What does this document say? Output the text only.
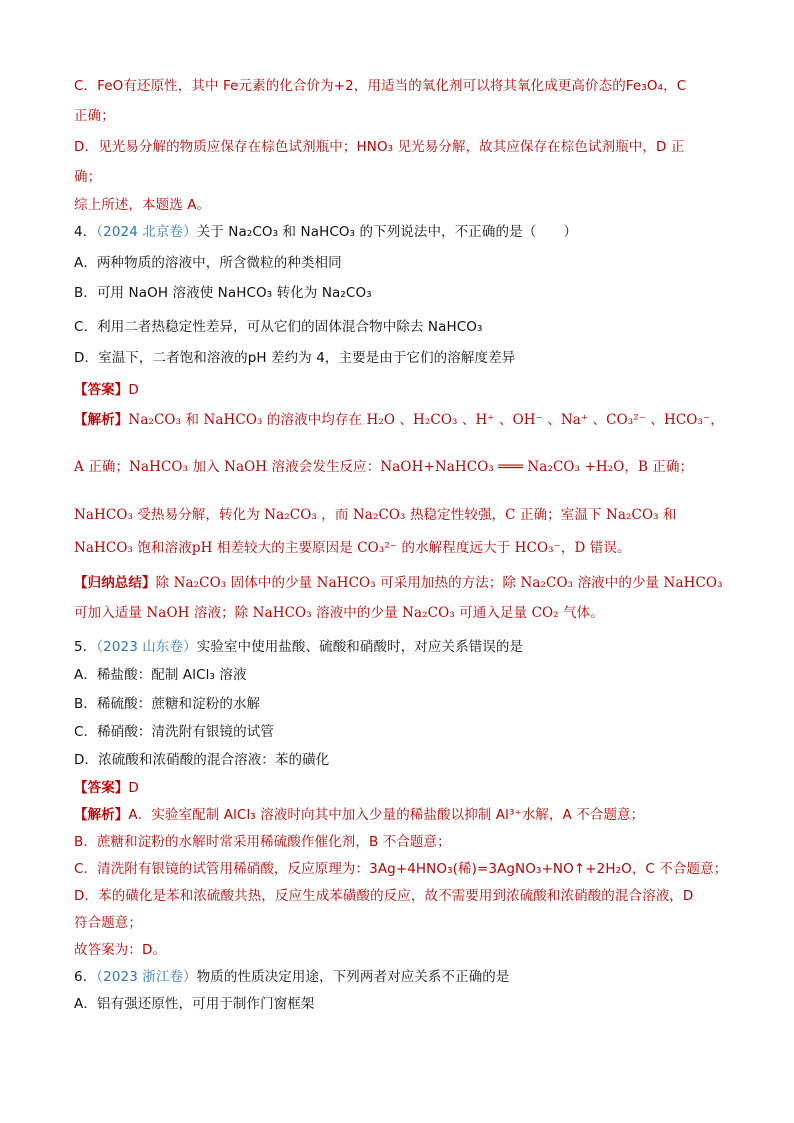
C．FeO有还原性，其中 Fe元素的化合价为+2，用适当的氧化剂可以将其氧化成更高价态的Fe₃O₄，C
正确；
D．见光易分解的物质应保存在棕色试剂瓶中；HNO₃ 见光易分解，故其应保存在棕色试剂瓶中，D 正
确；
综上所述，本题选 A。
4．（2024 北京卷）关于 Na₂CO₃ 和 NaHCO₃ 的下列说法中，不正确的是（　　）
A．两种物质的溶液中，所含微粒的种类相同
B．可用 NaOH 溶液使 NaHCO₃ 转化为 Na₂CO₃
C．利用二者热稳定性差异，可从它们的固体混合物中除去 NaHCO₃
D．室温下，二者饱和溶液的pH 差约为 4，主要是由于它们的溶解度差异
【答案】D
【解析】Na₂CO₃ 和 NaHCO₃ 的溶液中均存在 H₂O 、H₂CO₃ 、H⁺ 、OH⁻ 、Na⁺ 、CO₃²⁻ 、HCO₃⁻，
A 正确；NaHCO₃ 加入 NaOH 溶液会发生反应：NaOH+NaHCO₃ ═══ Na₂CO₃ +H₂O，B 正确；
NaHCO₃ 受热易分解，转化为 Na₂CO₃ ，而 Na₂CO₃ 热稳定性较强，C 正确；室温下 Na₂CO₃ 和
NaHCO₃ 饱和溶液pH 相差较大的主要原因是 CO₃²⁻ 的水解程度远大于 HCO₃⁻，D 错误。
【归纳总结】除 Na₂CO₃ 固体中的少量 NaHCO₃ 可采用加热的方法；除 Na₂CO₃ 溶液中的少量 NaHCO₃
可加入适量 NaOH 溶液；除 NaHCO₃ 溶液中的少量 Na₂CO₃ 可通入足量 CO₂ 气体。
5．（2023 山东卷）实验室中使用盐酸、硫酸和硝酸时，对应关系错误的是
A．稀盐酸：配制 AlCl₃ 溶液
B．稀硫酸：蔗糖和淀粉的水解
C．稀硝酸：清洗附有银镜的试管
D．浓硫酸和浓硝酸的混合溶液：苯的磺化
【答案】D
【解析】A．实验室配制 AlCl₃ 溶液时向其中加入少量的稀盐酸以抑制 Al³⁺水解，A 不合题意；
B．蔗糖和淀粉的水解时常采用稀硫酸作催化剂，B 不合题意；
C．清洗附有银镜的试管用稀硝酸，反应原理为：3Ag+4HNO₃(稀)=3AgNO₃+NO↑+2H₂O，C 不合题意；
D．苯的磺化是苯和浓硫酸共热，反应生成苯磺酸的反应，故不需要用到浓硫酸和浓硝酸的混合溶液，D
符合题意；
故答案为：D。
6．（2023 浙江卷）物质的性质决定用途，下列两者对应关系不正确的是
A．铝有强还原性，可用于制作门窗框架
